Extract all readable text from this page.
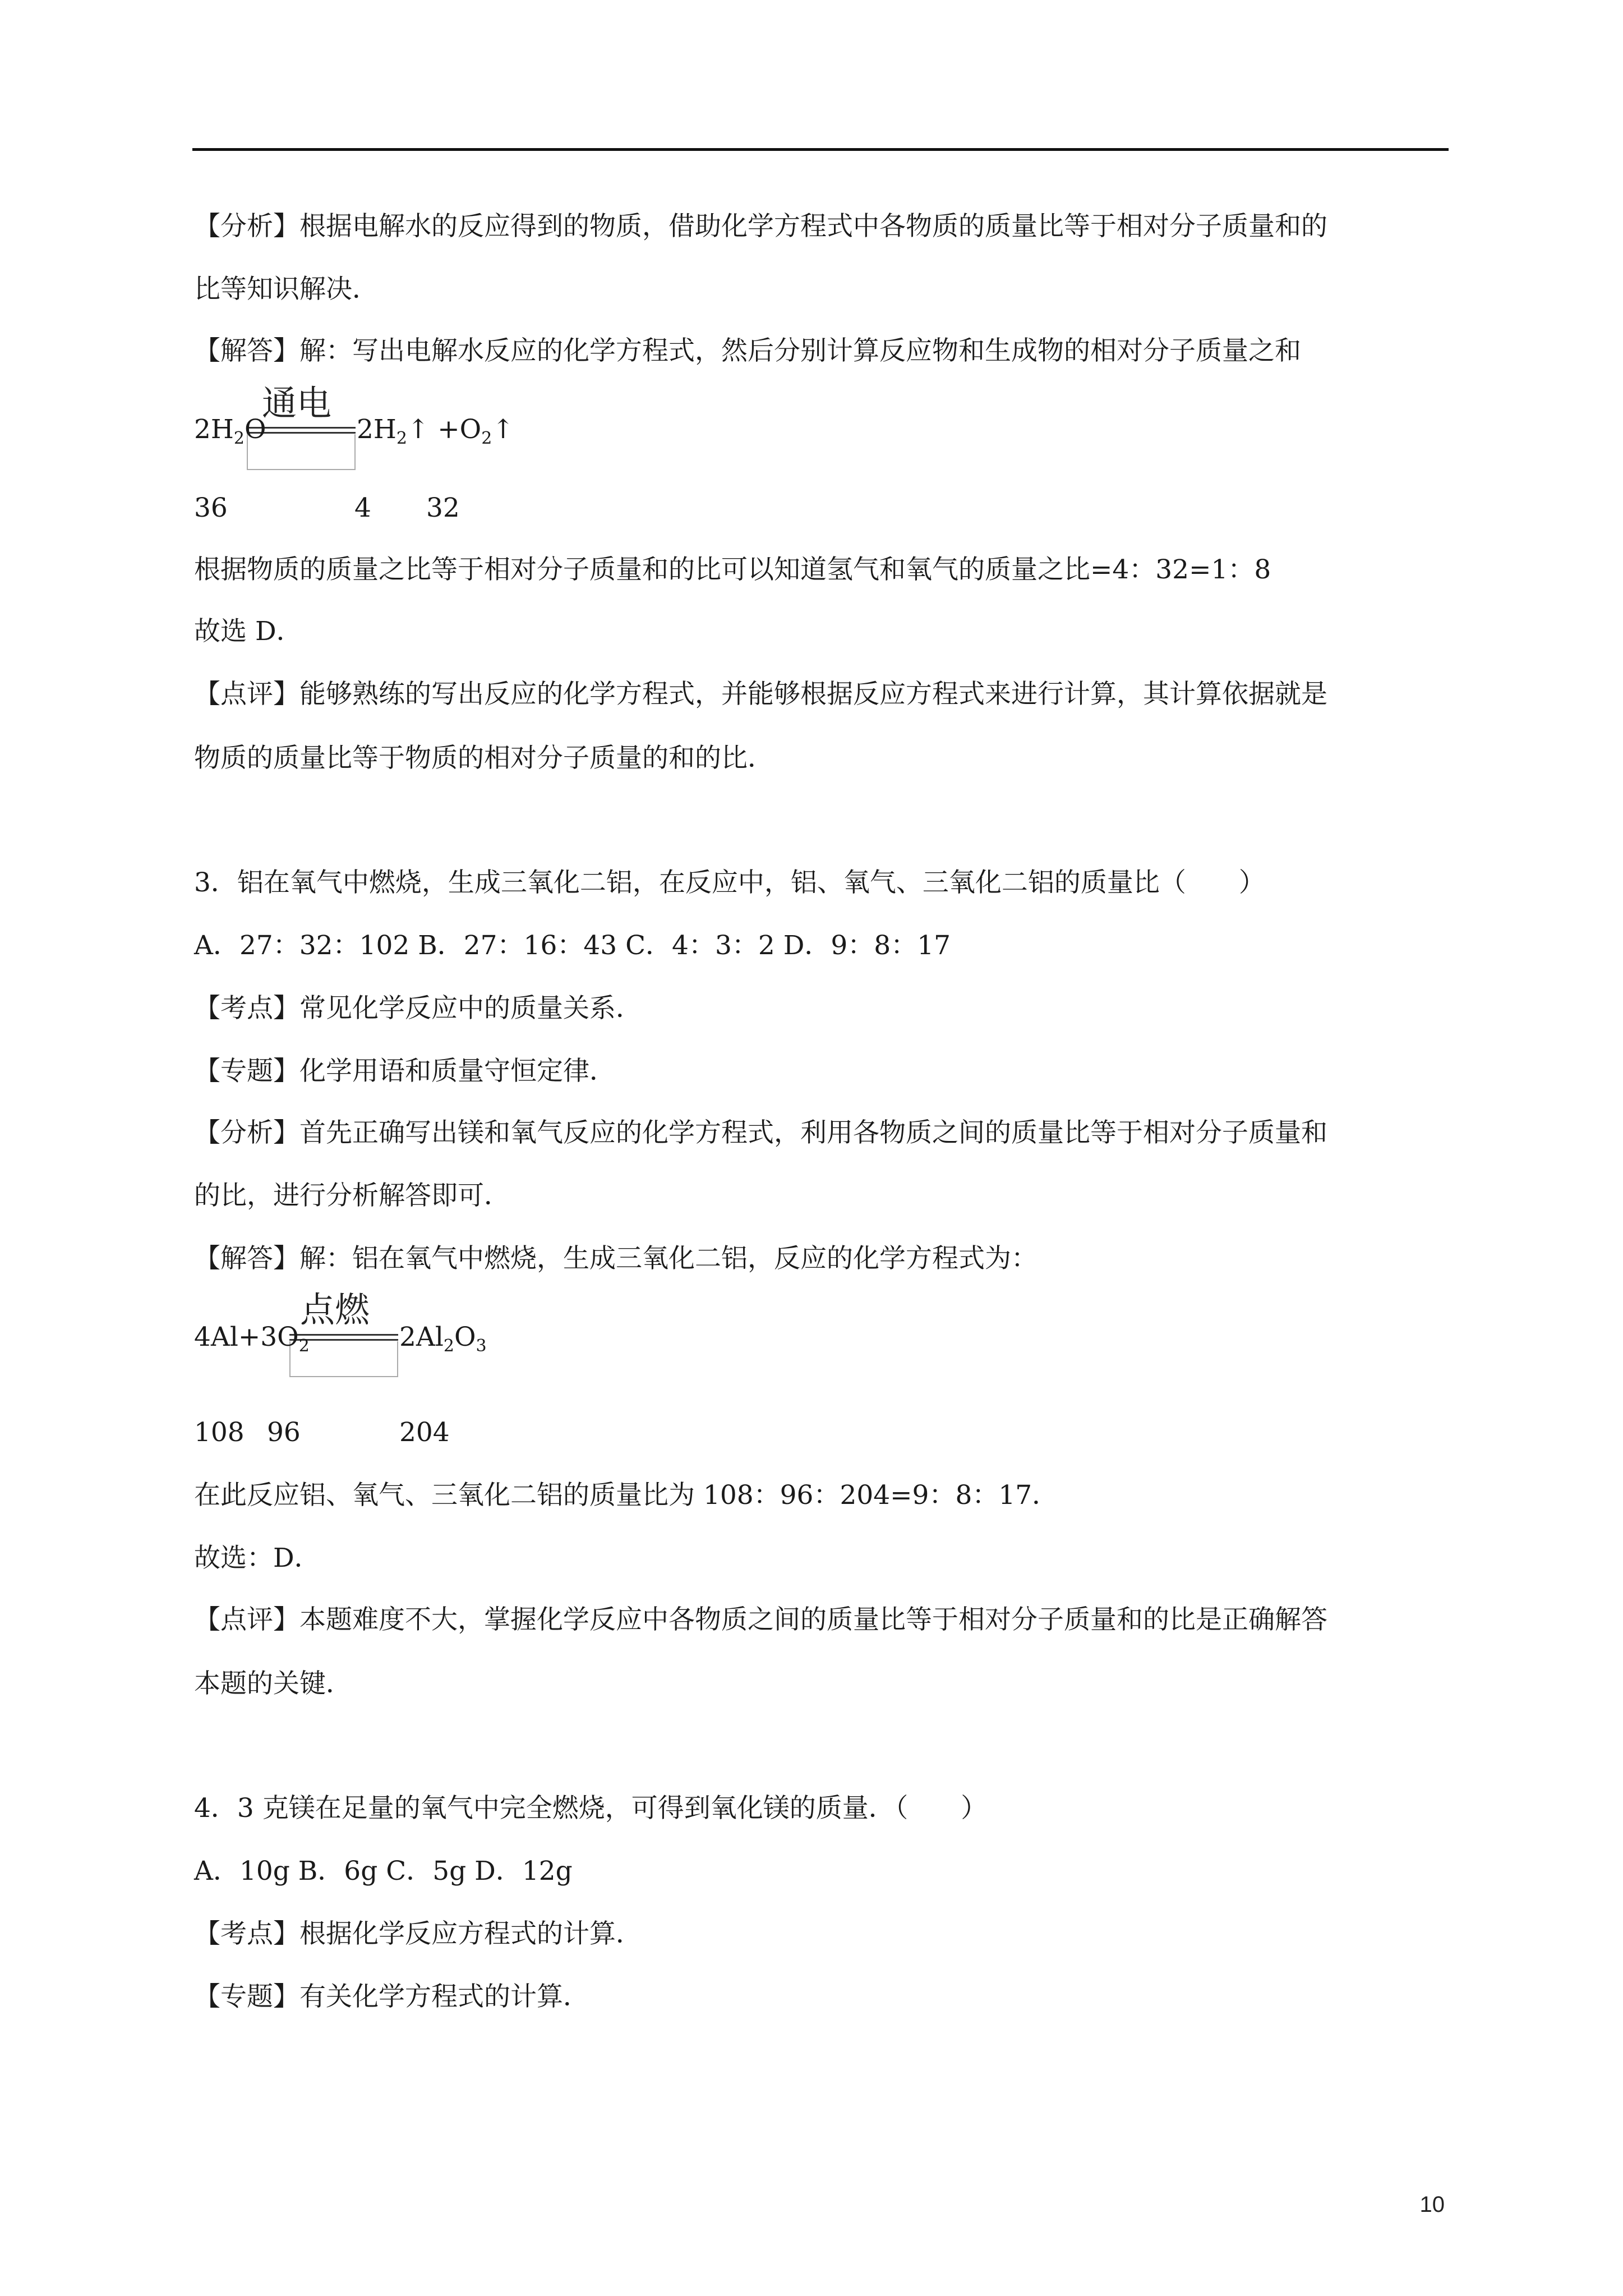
【分析】根据电解水的反应得到的物质，借助化学方程式中各物质的质量比等于相对分子质量和的
比等知识解决．
【解答】解：写出电解水反应的化学方程式，然后分别计算反应物和生成物的相对分子质量之和
通电
$2H_2O$	$2H_2↑$ $+O_2↑$
36	4 32
根据物质的质量之比等于相对分子质量和的比可以知道氢气和氧气的质量之比=4：32=1：8
故选 D．
【点评】能够熟练的写出反应的化学方程式，并能够根据反应方程式来进行计算，其计算依据就是
物质的质量比等于物质的相对分子质量的和的比．
3．铝在氧气中燃烧，生成三氧化二铝，在反应中，铝、氧气、三氧化二铝的质量比（　　）
A．27：32：102 B．27：16：43 C．4：3：2 D．9：8：17
【考点】常见化学反应中的质量关系．
【专题】化学用语和质量守恒定律．
【分析】首先正确写出镁和氧气反应的化学方程式，利用各物质之间的质量比等于相对分子质量和
的比，进行分析解答即可．
【解答】解：铝在氧气中燃烧，生成三氧化二铝，反应的化学方程式为：
点燃
$4Al+3O_2$	$2Al_2O_3$
108 96	204
在此反应铝、氧气、三氧化二铝的质量比为 108：96：204=9：8：17．
故选：D．
【点评】本题难度不大，掌握化学反应中各物质之间的质量比等于相对分子质量和的比是正确解答
本题的关键．
4．3 克镁在足量的氧气中完全燃烧，可得到氧化镁的质量．（　　）
A．10g B．6g C．5g D．12g
【考点】根据化学反应方程式的计算．
【专题】有关化学方程式的计算．
10
